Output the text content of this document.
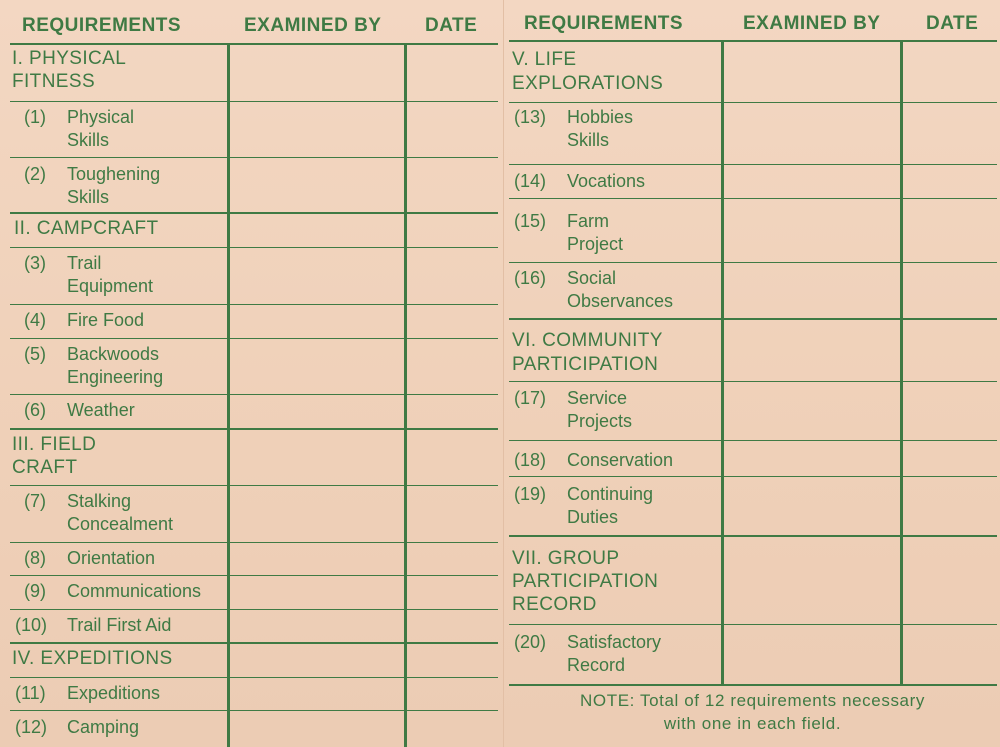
REQUIREMENTS	EXAMINED BY DATE
I. PHYSICAL
FITNESS
II. CAMPCRAFT
III. FIELD
CRAFT
IV. EXPEDITIONS
(1) Physical
Skills
(2) Toughening
Skills
(3) Trail
Equipment
(4) Fire Food
(5) Backwoods
Engineering
(6) Weather
(7) Stalking
Concealment
(8) Orientation
(9) Communications
(10) Trail First Aid
(11) Expeditions
(12) Camping
REQUIREMENTS	EXAMINED BY DATE
V. LIFE
EXPLORATIONS
VI. COMMUNITY
PARTICIPATION
VII. GROUP
PARTICIPATION
RECORD
(13) Hobbies
Skills
(14) Vocations
(15) Farm
Project
(16) Social
Observances
(17) Service
Projects
(18) Conservation
(19) Continuing
Duties
(20) Satisfactory
Record
NOTE: Total of 12 requirements necessary
with one in each field.
